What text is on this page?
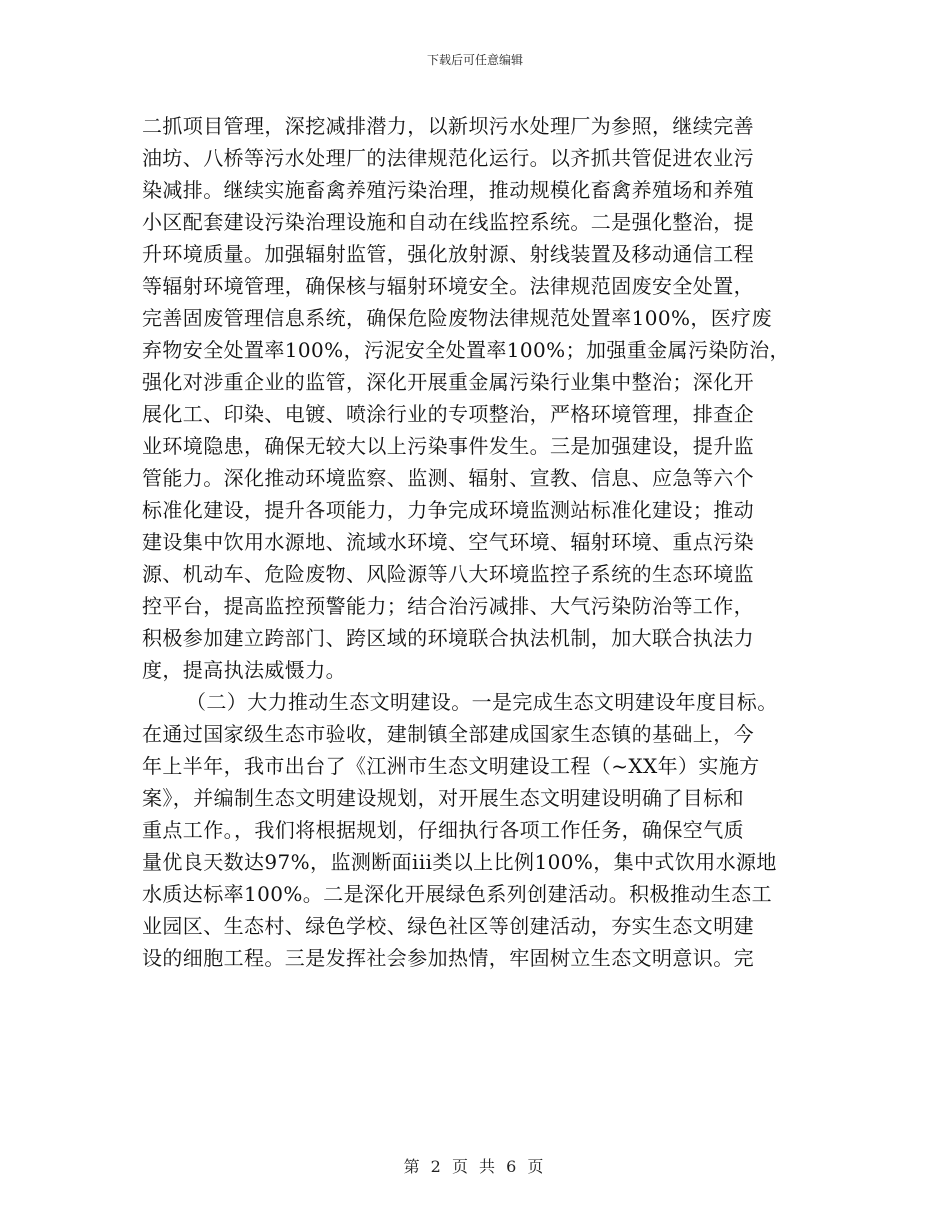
下载后可任意编辑
二抓项目管理，深挖减排潜力，以新坝污水处理厂为参照，继续完善
油坊、八桥等污水处理厂的法律规范化运行。以齐抓共管促进农业污
染减排。继续实施畜禽养殖污染治理，推动规模化畜禽养殖场和养殖
小区配套建设污染治理设施和自动在线监控系统。二是强化整治，提
升环境质量。加强辐射监管，强化放射源、射线装置及移动通信工程
等辐射环境管理，确保核与辐射环境安全。法律规范固废安全处置，
完善固废管理信息系统，确保危险废物法律规范处置率100%，医疗废
弃物安全处置率100%，污泥安全处置率100%；加强重金属污染防治，
强化对涉重企业的监管，深化开展重金属污染行业集中整治；深化开
展化工、印染、电镀、喷涂行业的专项整治，严格环境管理，排查企
业环境隐患，确保无较大以上污染事件发生。三是加强建设，提升监
管能力。深化推动环境监察、监测、辐射、宣教、信息、应急等六个
标准化建设，提升各项能力，力争完成环境监测站标准化建设；推动
建设集中饮用水源地、流域水环境、空气环境、辐射环境、重点污染
源、机动车、危险废物、风险源等八大环境监控子系统的生态环境监
控平台，提高监控预警能力；结合治污减排、大气污染防治等工作，
积极参加建立跨部门、跨区域的环境联合执法机制，加大联合执法力
度，提高执法威慑力。
（二）大力推动生态文明建设。一是完成生态文明建设年度目标。
在通过国家级生态市验收，建制镇全部建成国家生态镇的基础上，今
年上半年，我市出台了《江洲市生态文明建设工程（~XX年）实施方
案》，并编制生态文明建设规划，对开展生态文明建设明确了目标和
重点工作。，我们将根据规划，仔细执行各项工作任务，确保空气质
量优良天数达97%，监测断面iii类以上比例100%，集中式饮用水源地
水质达标率100%。二是深化开展绿色系列创建活动。积极推动生态工
业园区、生态村、绿色学校、绿色社区等创建活动，夯实生态文明建
设的细胞工程。三是发挥社会参加热情，牢固树立生态文明意识。完
第 2 页 共 6 页
